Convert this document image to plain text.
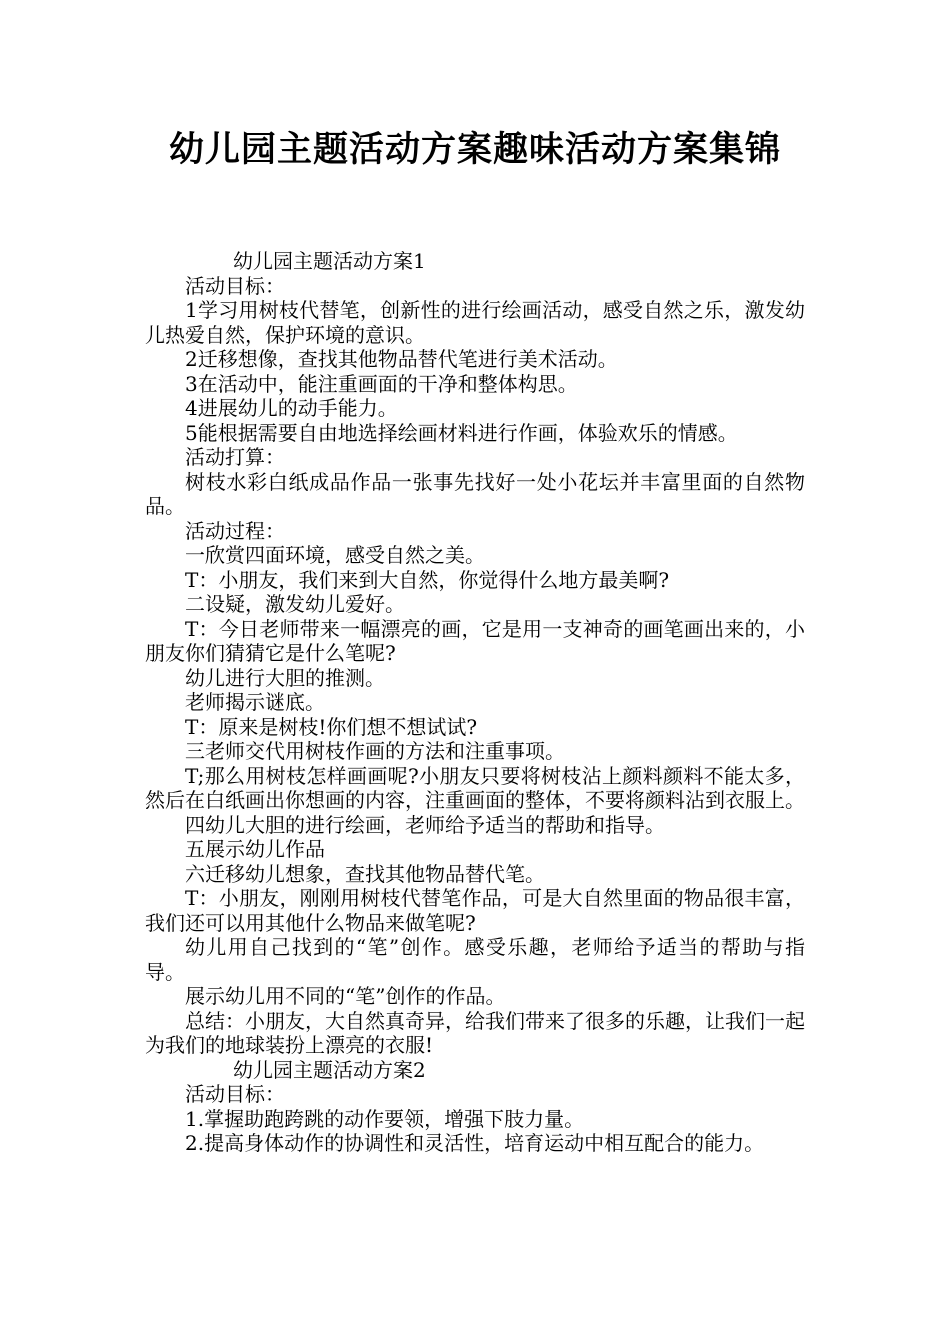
幼儿园主题活动方案趣味活动方案集锦

幼儿园主题活动方案1

活动目标：

1学习用树枝代替笔，创新性的进行绘画活动，感受自然之乐，激发幼儿热爱自然，保护环境的意识。

2迁移想像，查找其他物品替代笔进行美术活动。

3在活动中，能注重画面的干净和整体构思。

4进展幼儿的动手能力。

5能根据需要自由地选择绘画材料进行作画，体验欢乐的情感。

活动打算：

树枝水彩白纸成品作品一张事先找好一处小花坛并丰富里面的自然物品。

活动过程：

一欣赏四面环境，感受自然之美。

T：小朋友，我们来到大自然，你觉得什么地方最美啊?

二设疑，激发幼儿爱好。

T：今日老师带来一幅漂亮的画，它是用一支神奇的画笔画出来的，小朋友你们猜猜它是什么笔呢?

幼儿进行大胆的推测。

老师揭示谜底。

T：原来是树枝!你们想不想试试?

三老师交代用树枝作画的方法和注重事项。

T;那么用树枝怎样画画呢?小朋友只要将树枝沾上颜料颜料不能太多，然后在白纸画出你想画的内容，注重画面的整体，不要将颜料沾到衣服上。

四幼儿大胆的进行绘画，老师给予适当的帮助和指导。

五展示幼儿作品

六迁移幼儿想象，查找其他物品替代笔。

T：小朋友，刚刚用树枝代替笔作品，可是大自然里面的物品很丰富，我们还可以用其他什么物品来做笔呢?

幼儿用自己找到的“笔”创作。感受乐趣，老师给予适当的帮助与指导。

展示幼儿用不同的“笔”创作的作品。

总结：小朋友，大自然真奇异，给我们带来了很多的乐趣，让我们一起为我们的地球装扮上漂亮的衣服!

幼儿园主题活动方案2

活动目标：

1.掌握助跑跨跳的动作要领，增强下肢力量。

2.提高身体动作的协调性和灵活性，培育运动中相互配合的能力。
